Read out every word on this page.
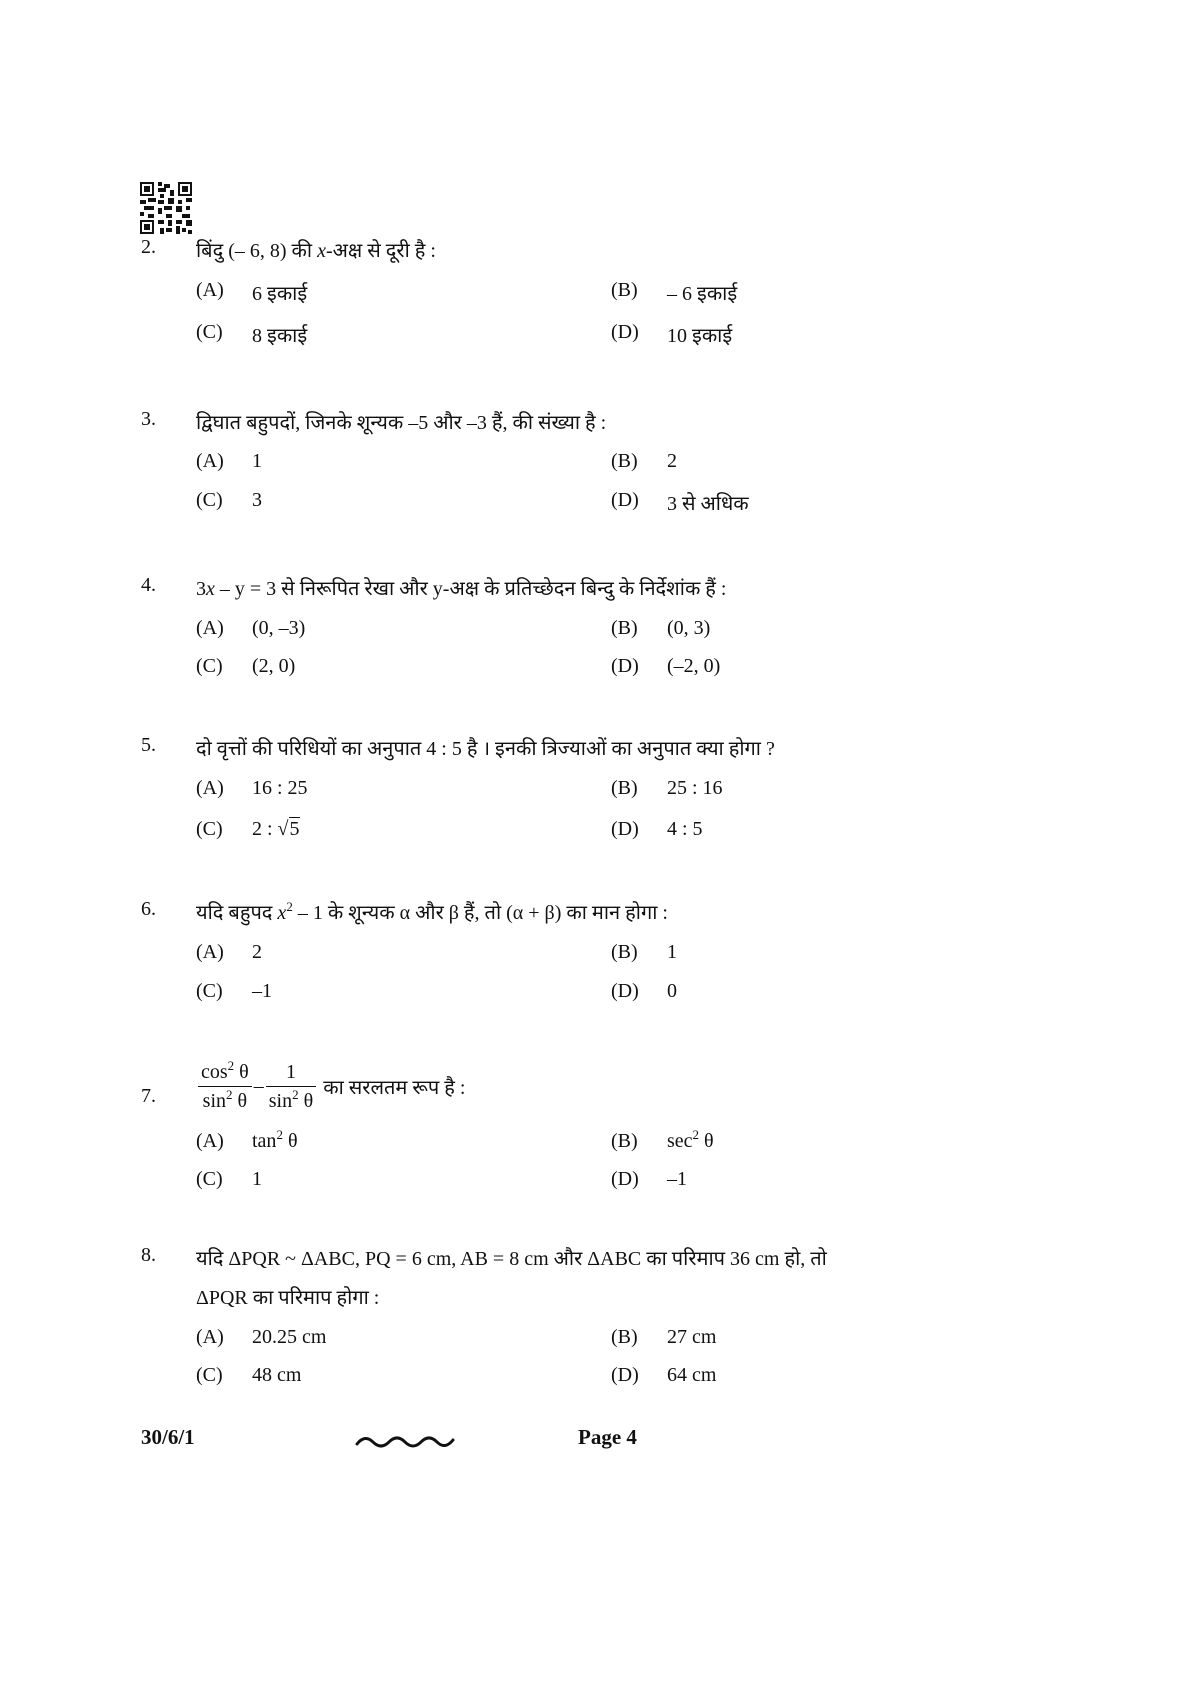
2. बिंदु (– 6, 8) की x-अक्ष से दूरी है :
(A) 6 इकाई	(B) – 6 इकाई
(C) 8 इकाई	(D) 10 इकाई
3. द्विघात बहुपदों, जिनके शून्यक –5 और –3 हैं, की संख्या है :
(A) 1	(B) 2
(C) 3	(D) 3 से अधिक
4. 3x – y = 3 से निरूपित रेखा और y-अक्ष के प्रतिच्छेदन बिन्दु के निर्देशांक हैं :
(A) (0, –3)	(B) (0, 3)
(C) (2, 0)	(D) (–2, 0)
5. दो वृत्तों की परिधियों का अनुपात 4 : 5 है । इनकी त्रिज्याओं का अनुपात क्या होगा ?
(A) 16 : 25	(B) 25 : 16
(C) 2 : √5	(D) 4 : 5
6. यदि बहुपद $x^2 - 1$ के शून्यक α और β हैं, तो (α + β) का मान होगा :
(A) 2	(B) 1
(C) –1	(D) 0
7. $\frac{\cos^2 \theta}{\sin^2 \theta} - \frac{1}{\sin^2 \theta}$ का सरलतम रूप है :
(A) $\tan^2 \theta$	(B) $\sec^2 \theta$
(C) 1	(D) –1
8. यदि ΔPQR ~ ΔABC, PQ = 6 cm, AB = 8 cm और ΔABC का परिमाप 36 cm हो, तो
ΔPQR का परिमाप होगा :
(A) 20.25 cm	(B) 27 cm
(C) 48 cm	(D) 64 cm
30/6/1	Page 4
